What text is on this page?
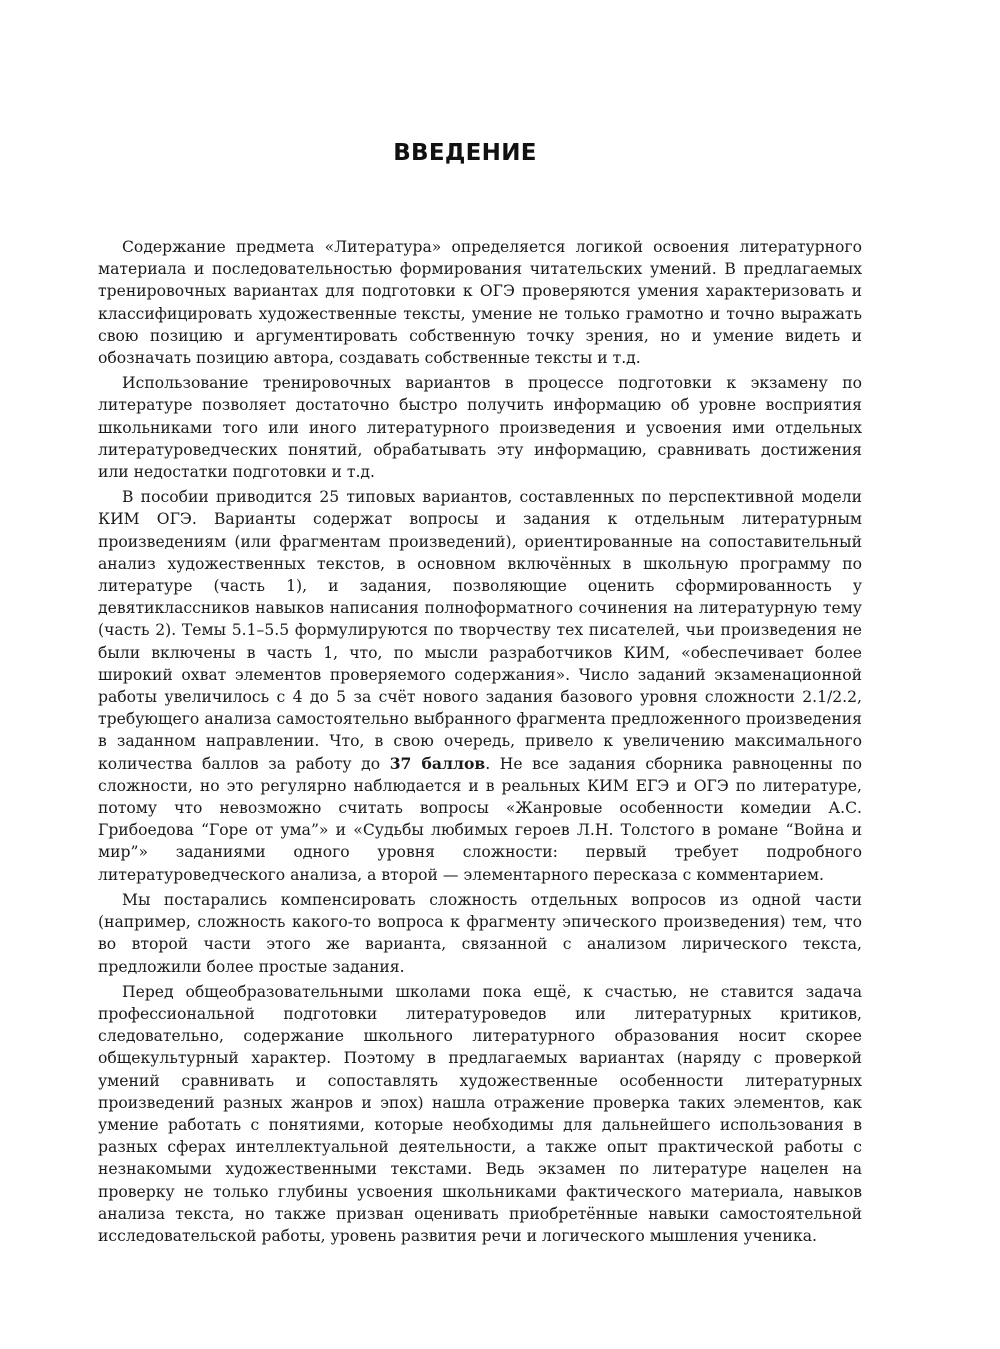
ВВЕДЕНИЕ

Содержание предмета «Литература» определяется логикой освоения литературного материала и последовательностью формирования читательских умений. В предлагаемых тренировочных вариантах для подготовки к ОГЭ проверяются умения характеризовать и классифицировать художественные тексты, умение не только грамотно и точно выражать свою позицию и аргументировать собственную точку зрения, но и умение видеть и обозначать позицию автора, создавать собственные тексты и т.д.

Использование тренировочных вариантов в процессе подготовки к экзамену по литературе позволяет достаточно быстро получить информацию об уровне восприятия школьниками того или иного литературного произведения и усвоения ими отдельных литературоведческих понятий, обрабатывать эту информацию, сравнивать достижения или недостатки подготовки и т.д.

В пособии приводится 25 типовых вариантов, составленных по перспективной модели КИМ ОГЭ. Варианты содержат вопросы и задания к отдельным литературным произведениям (или фрагментам произведений), ориентированные на сопоставительный анализ художественных текстов, в основном включённых в школьную программу по литературе (часть 1), и задания, позволяющие оценить сформированность у девятиклассников навыков написания полноформатного сочинения на литературную тему (часть 2). Темы 5.1–5.5 формулируются по творчеству тех писателей, чьи произведения не были включены в часть 1, что, по мысли разработчиков КИМ, «обеспечивает более широкий охват элементов проверяемого содержания». Число заданий экзаменационной работы увеличилось с 4 до 5 за счёт нового задания базового уровня сложности 2.1/2.2, требующего анализа самостоятельно выбранного фрагмента предложенного произведения в заданном направлении. Что, в свою очередь, привело к увеличению максимального количества баллов за работу до 37 баллов. Не все задания сборника равноценны по сложности, но это регулярно наблюдается и в реальных КИМ ЕГЭ и ОГЭ по литературе, потому что невозможно считать вопросы «Жанровые особенности комедии А.С. Грибоедова “Горе от ума”» и «Судьбы любимых героев Л.Н. Толстого в романе “Война и мир”» заданиями одного уровня сложности: первый требует подробного литературоведческого анализа, а второй — элементарного пересказа с комментарием.

Мы постарались компенсировать сложность отдельных вопросов из одной части (например, сложность какого-то вопроса к фрагменту эпического произведения) тем, что во второй части этого же варианта, связанной с анализом лирического текста, предложили более простые задания.

Перед общеобразовательными школами пока ещё, к счастью, не ставится задача профессиональной подготовки литературоведов или литературных критиков, следовательно, содержание школьного литературного образования носит скорее общекультурный характер. Поэтому в предлагаемых вариантах (наряду с проверкой умений сравнивать и сопоставлять художественные особенности литературных произведений разных жанров и эпох) нашла отражение проверка таких элементов, как умение работать с понятиями, которые необходимы для дальнейшего использования в разных сферах интеллектуальной деятельности, а также опыт практической работы с незнакомыми художественными текстами. Ведь экзамен по литературе нацелен на проверку не только глубины усвоения школьниками фактического материала, навыков анализа текста, но также призван оценивать приобретённые навыки самостоятельной исследовательской работы, уровень развития речи и логического мышления ученика.
